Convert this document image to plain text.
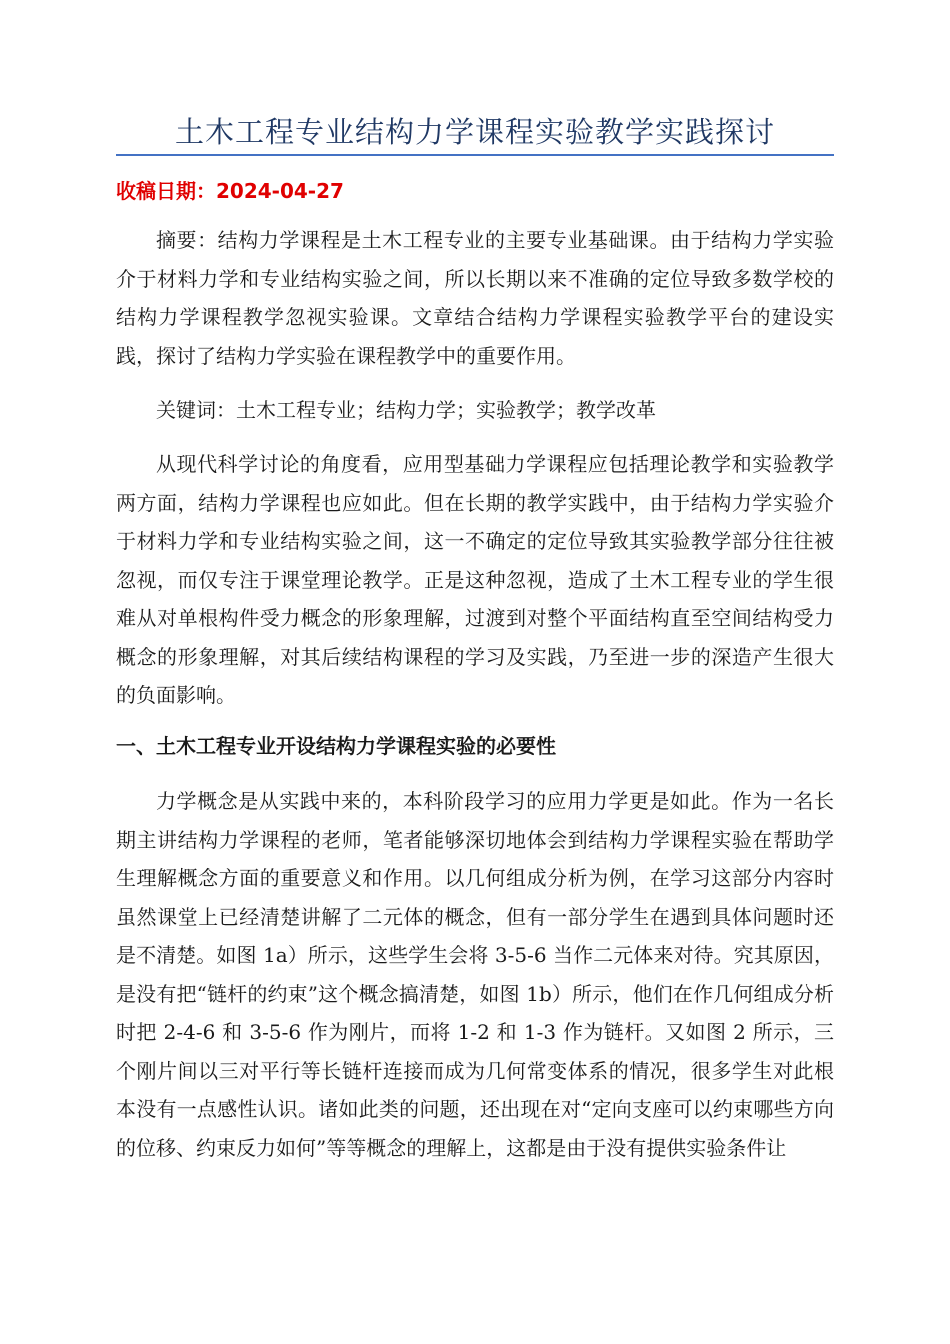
土木工程专业结构力学课程实验教学实践探讨
收稿日期：2024-04-27

摘要：结构力学课程是土木工程专业的主要专业基础课。由于结构力学实验介于材料力学和专业结构实验之间，所以长期以来不准确的定位导致多数学校的结构力学课程教学忽视实验课。文章结合结构力学课程实验教学平台的建设实践，探讨了结构力学实验在课程教学中的重要作用。

关键词：土木工程专业；结构力学；实验教学；教学改革

从现代科学讨论的角度看，应用型基础力学课程应包括理论教学和实验教学两方面，结构力学课程也应如此。但在长期的教学实践中，由于结构力学实验介于材料力学和专业结构实验之间，这一不确定的定位导致其实验教学部分往往被忽视，而仅专注于课堂理论教学。正是这种忽视，造成了土木工程专业的学生很难从对单根构件受力概念的形象理解，过渡到对整个平面结构直至空间结构受力概念的形象理解，对其后续结构课程的学习及实践，乃至进一步的深造产生很大的负面影响。

一、土木工程专业开设结构力学课程实验的必要性

力学概念是从实践中来的，本科阶段学习的应用力学更是如此。作为一名长期主讲结构力学课程的老师，笔者能够深切地体会到结构力学课程实验在帮助学生理解概念方面的重要意义和作用。以几何组成分析为例，在学习这部分内容时虽然课堂上已经清楚讲解了二元体的概念，但有一部分学生在遇到具体问题时还是不清楚。如图 1a）所示，这些学生会将 3-5-6 当作二元体来对待。究其原因，是没有把“链杆的约束”这个概念搞清楚，如图 1b）所示，他们在作几何组成分析时把 2-4-6 和 3-5-6 作为刚片，而将 1-2 和 1-3 作为链杆。又如图 2 所示，三个刚片间以三对平行等长链杆连接而成为几何常变体系的情况，很多学生对此根本没有一点感性认识。诸如此类的问题，还出现在对“定向支座可以约束哪些方向的位移、约束反力如何”等等概念的理解上，这都是由于没有提供实验条件让
